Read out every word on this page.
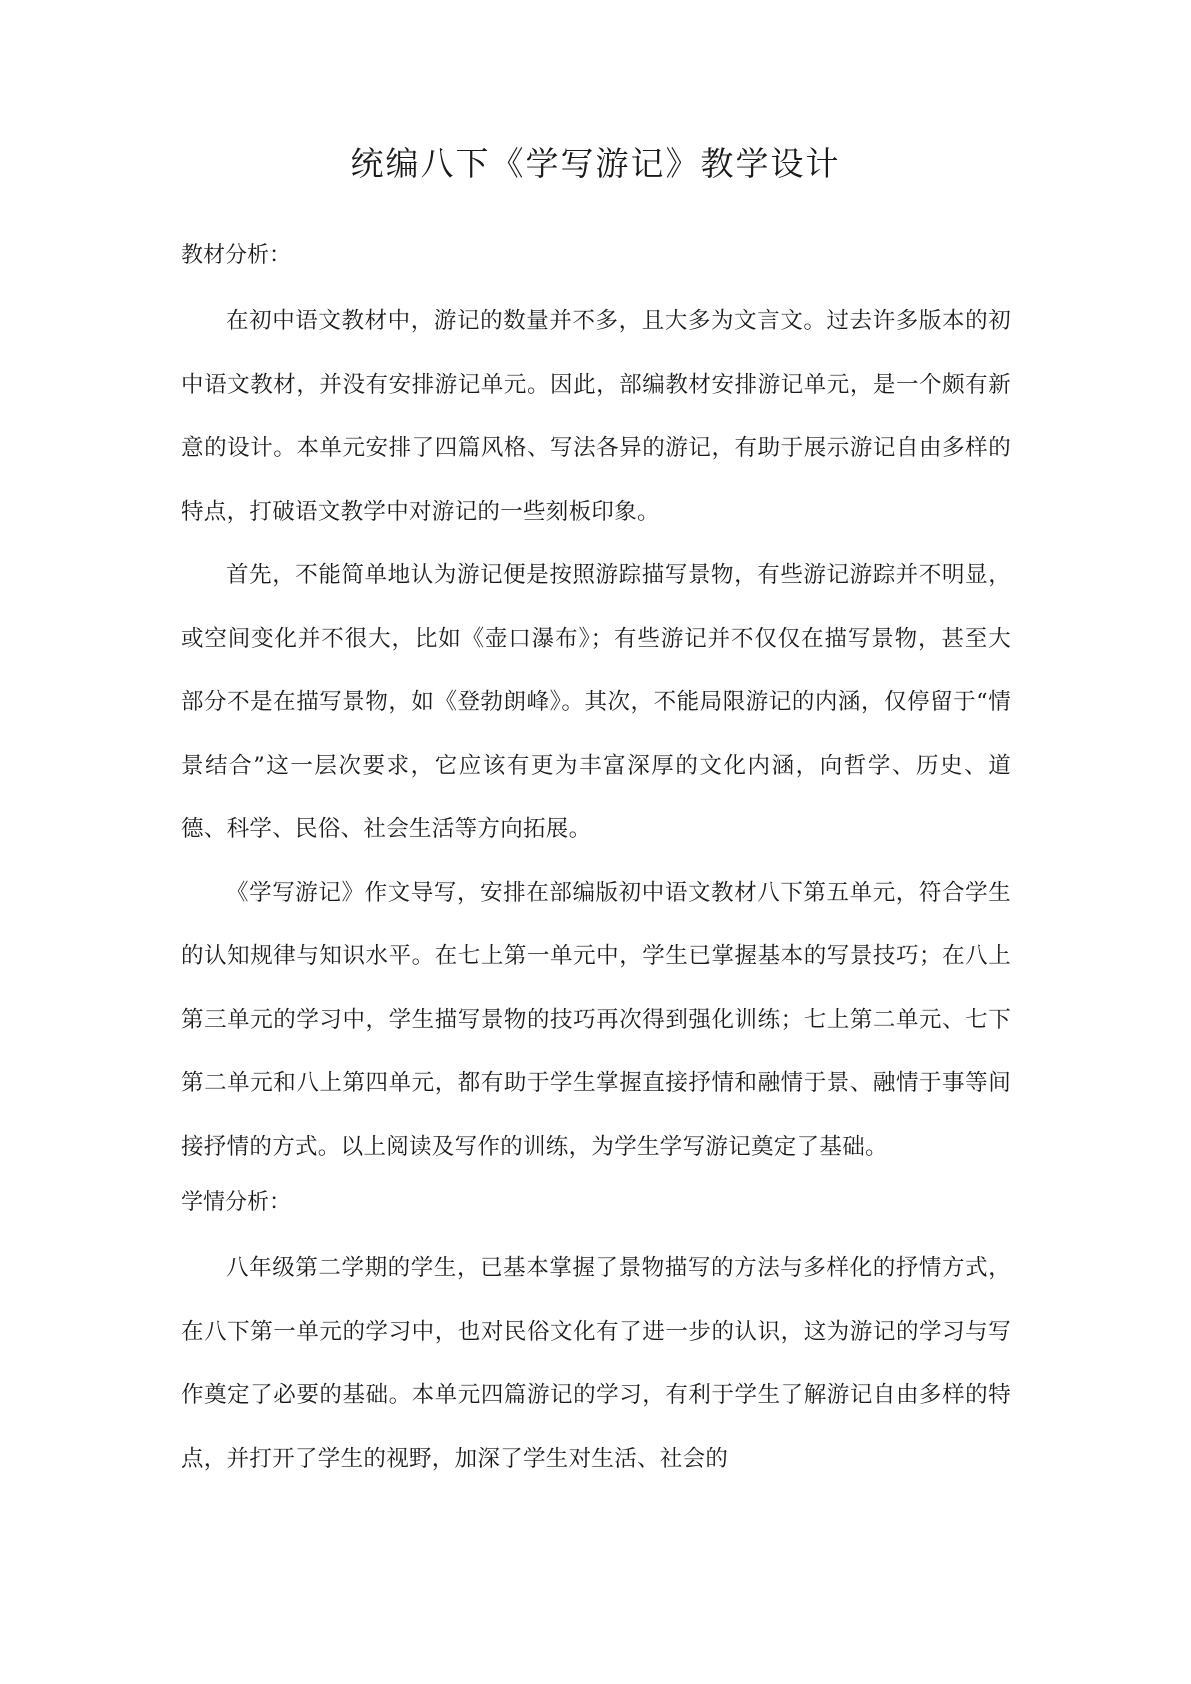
统编八下《学写游记》教学设计
教材分析：

在初中语文教材中，游记的数量并不多，且大多为文言文。过去许多版本的初中语文教材，并没有安排游记单元。因此，部编教材安排游记单元，是一个颇有新意的设计。本单元安排了四篇风格、写法各异的游记，有助于展示游记自由多样的特点，打破语文教学中对游记的一些刻板印象。

首先，不能简单地认为游记便是按照游踪描写景物，有些游记游踪并不明显，或空间变化并不很大，比如《壶口瀑布》；有些游记并不仅仅在描写景物，甚至大部分不是在描写景物，如《登勃朗峰》。其次，不能局限游记的内涵，仅停留于“情景结合”这一层次要求，它应该有更为丰富深厚的文化内涵，向哲学、历史、道德、科学、民俗、社会生活等方向拓展。

《学写游记》作文导写，安排在部编版初中语文教材八下第五单元，符合学生的认知规律与知识水平。在七上第一单元中，学生已掌握基本的写景技巧；在八上第三单元的学习中，学生描写景物的技巧再次得到强化训练；七上第二单元、七下第二单元和八上第四单元，都有助于学生掌握直接抒情和融情于景、融情于事等间接抒情的方式。以上阅读及写作的训练，为学生学写游记奠定了基础。

学情分析：

八年级第二学期的学生，已基本掌握了景物描写的方法与多样化的抒情方式，在八下第一单元的学习中，也对民俗文化有了进一步的认识，这为游记的学习与写作奠定了必要的基础。本单元四篇游记的学习，有利于学生了解游记自由多样的特点，并打开了学生的视野，加深了学生对生活、社会的
